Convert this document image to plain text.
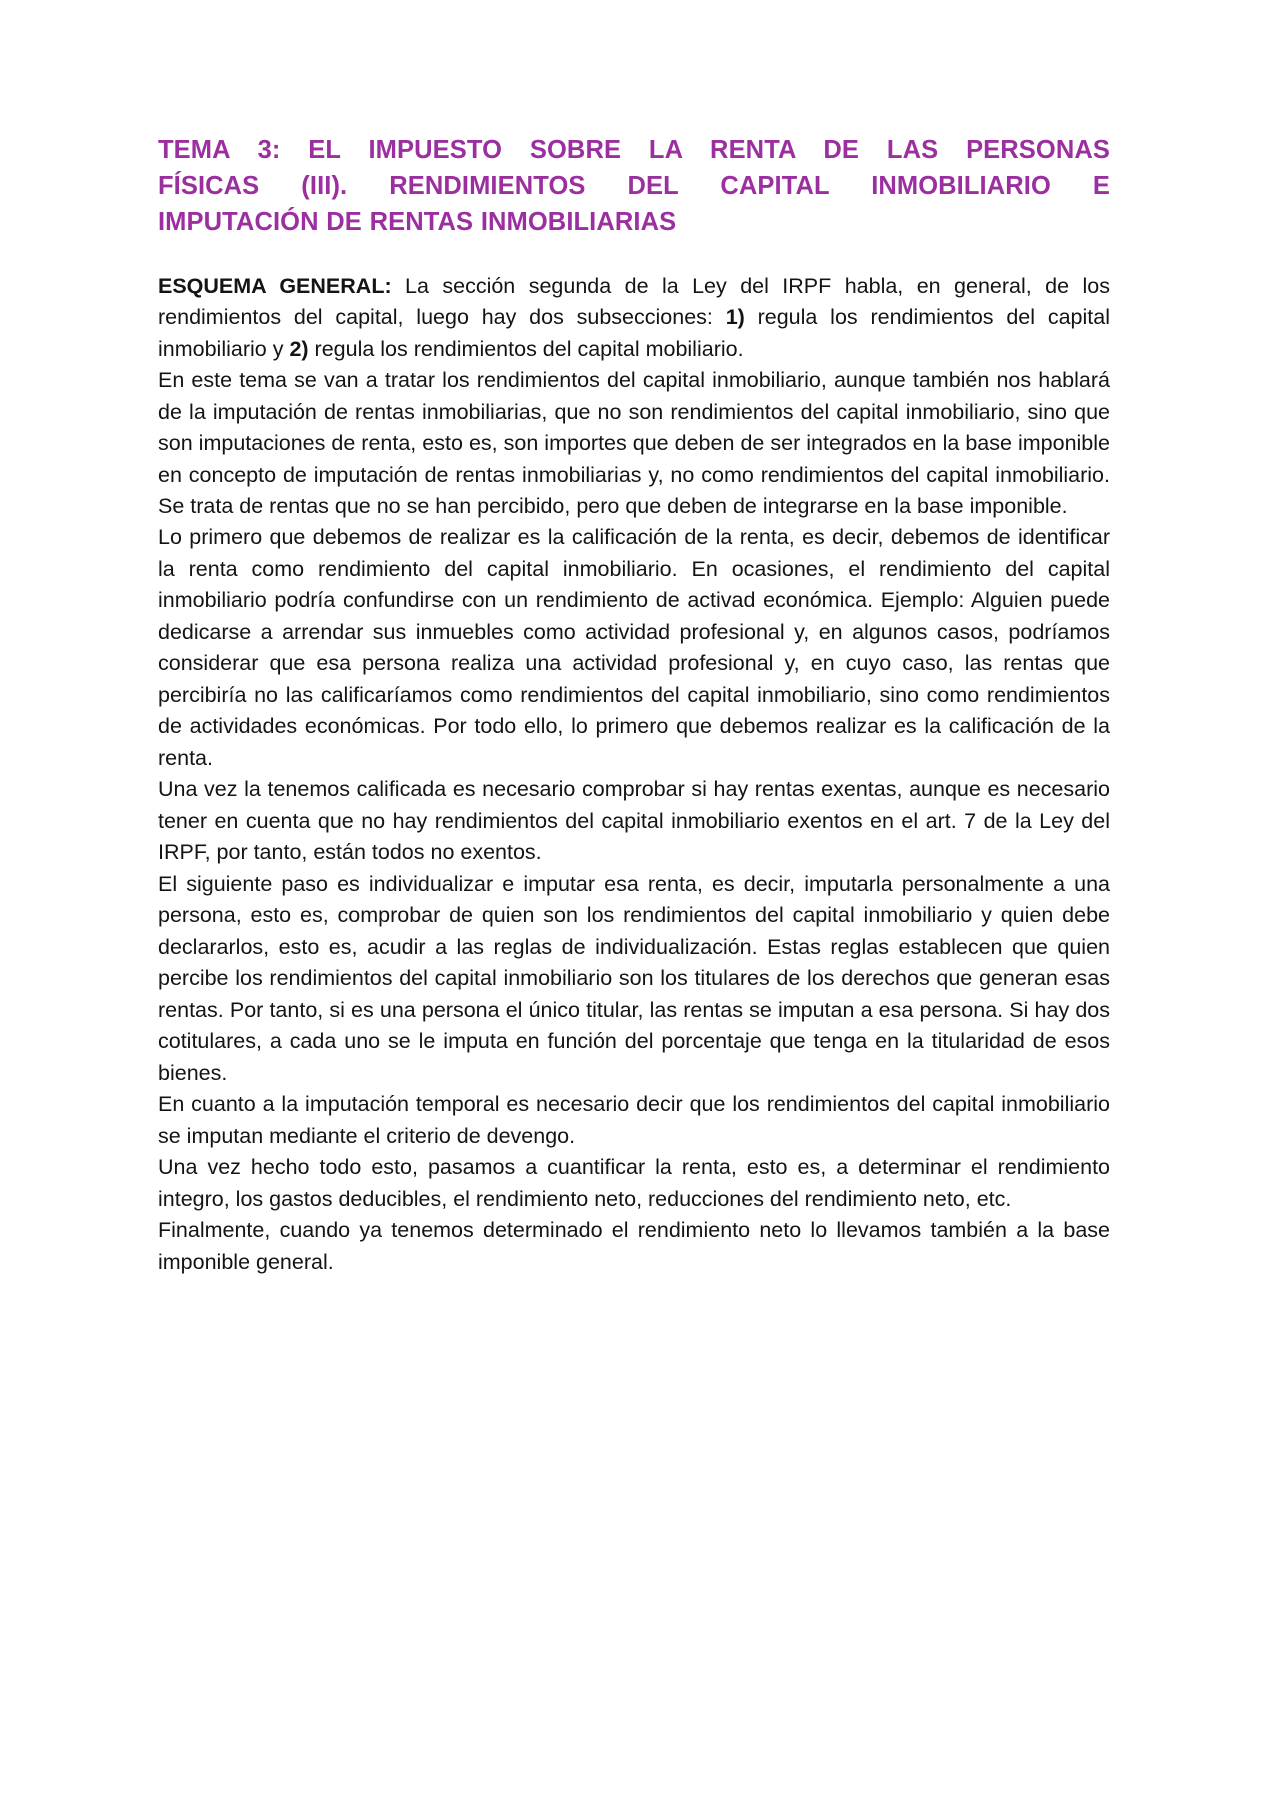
TEMA 3: EL IMPUESTO SOBRE LA RENTA DE LAS PERSONAS
FÍSICAS (III). RENDIMIENTOS DEL CAPITAL INMOBILIARIO E
IMPUTACIÓN DE RENTAS INMOBILIARIAS

ESQUEMA GENERAL: La sección segunda de la Ley del IRPF habla, en general, de los rendimientos del capital, luego hay dos subsecciones: 1) regula los rendimientos del capital inmobiliario y 2) regula los rendimientos del capital mobiliario.

En este tema se van a tratar los rendimientos del capital inmobiliario, aunque también nos hablará de la imputación de rentas inmobiliarias, que no son rendimientos del capital inmobiliario, sino que son imputaciones de renta, esto es, son importes que deben de ser integrados en la base imponible en concepto de imputación de rentas inmobiliarias y, no como rendimientos del capital inmobiliario. Se trata de rentas que no se han percibido, pero que deben de integrarse en la base imponible.

Lo primero que debemos de realizar es la calificación de la renta, es decir, debemos de identificar la renta como rendimiento del capital inmobiliario. En ocasiones, el rendimiento del capital inmobiliario podría confundirse con un rendimiento de activad económica. Ejemplo: Alguien puede dedicarse a arrendar sus inmuebles como actividad profesional y, en algunos casos, podríamos considerar que esa persona realiza una actividad profesional y, en cuyo caso, las rentas que percibiría no las calificaríamos como rendimientos del capital inmobiliario, sino como rendimientos de actividades económicas. Por todo ello, lo primero que debemos realizar es la calificación de la renta.

Una vez la tenemos calificada es necesario comprobar si hay rentas exentas, aunque es necesario tener en cuenta que no hay rendimientos del capital inmobiliario exentos en el art. 7 de la Ley del IRPF, por tanto, están todos no exentos.

El siguiente paso es individualizar e imputar esa renta, es decir, imputarla personalmente a una persona, esto es, comprobar de quien son los rendimientos del capital inmobiliario y quien debe declararlos, esto es, acudir a las reglas de individualización. Estas reglas establecen que quien percibe los rendimientos del capital inmobiliario son los titulares de los derechos que generan esas rentas. Por tanto, si es una persona el único titular, las rentas se imputan a esa persona. Si hay dos cotitulares, a cada uno se le imputa en función del porcentaje que tenga en la titularidad de esos bienes.

En cuanto a la imputación temporal es necesario decir que los rendimientos del capital inmobiliario se imputan mediante el criterio de devengo.

Una vez hecho todo esto, pasamos a cuantificar la renta, esto es, a determinar el rendimiento integro, los gastos deducibles, el rendimiento neto, reducciones del rendimiento neto, etc.

Finalmente, cuando ya tenemos determinado el rendimiento neto lo llevamos también a la base imponible general.
